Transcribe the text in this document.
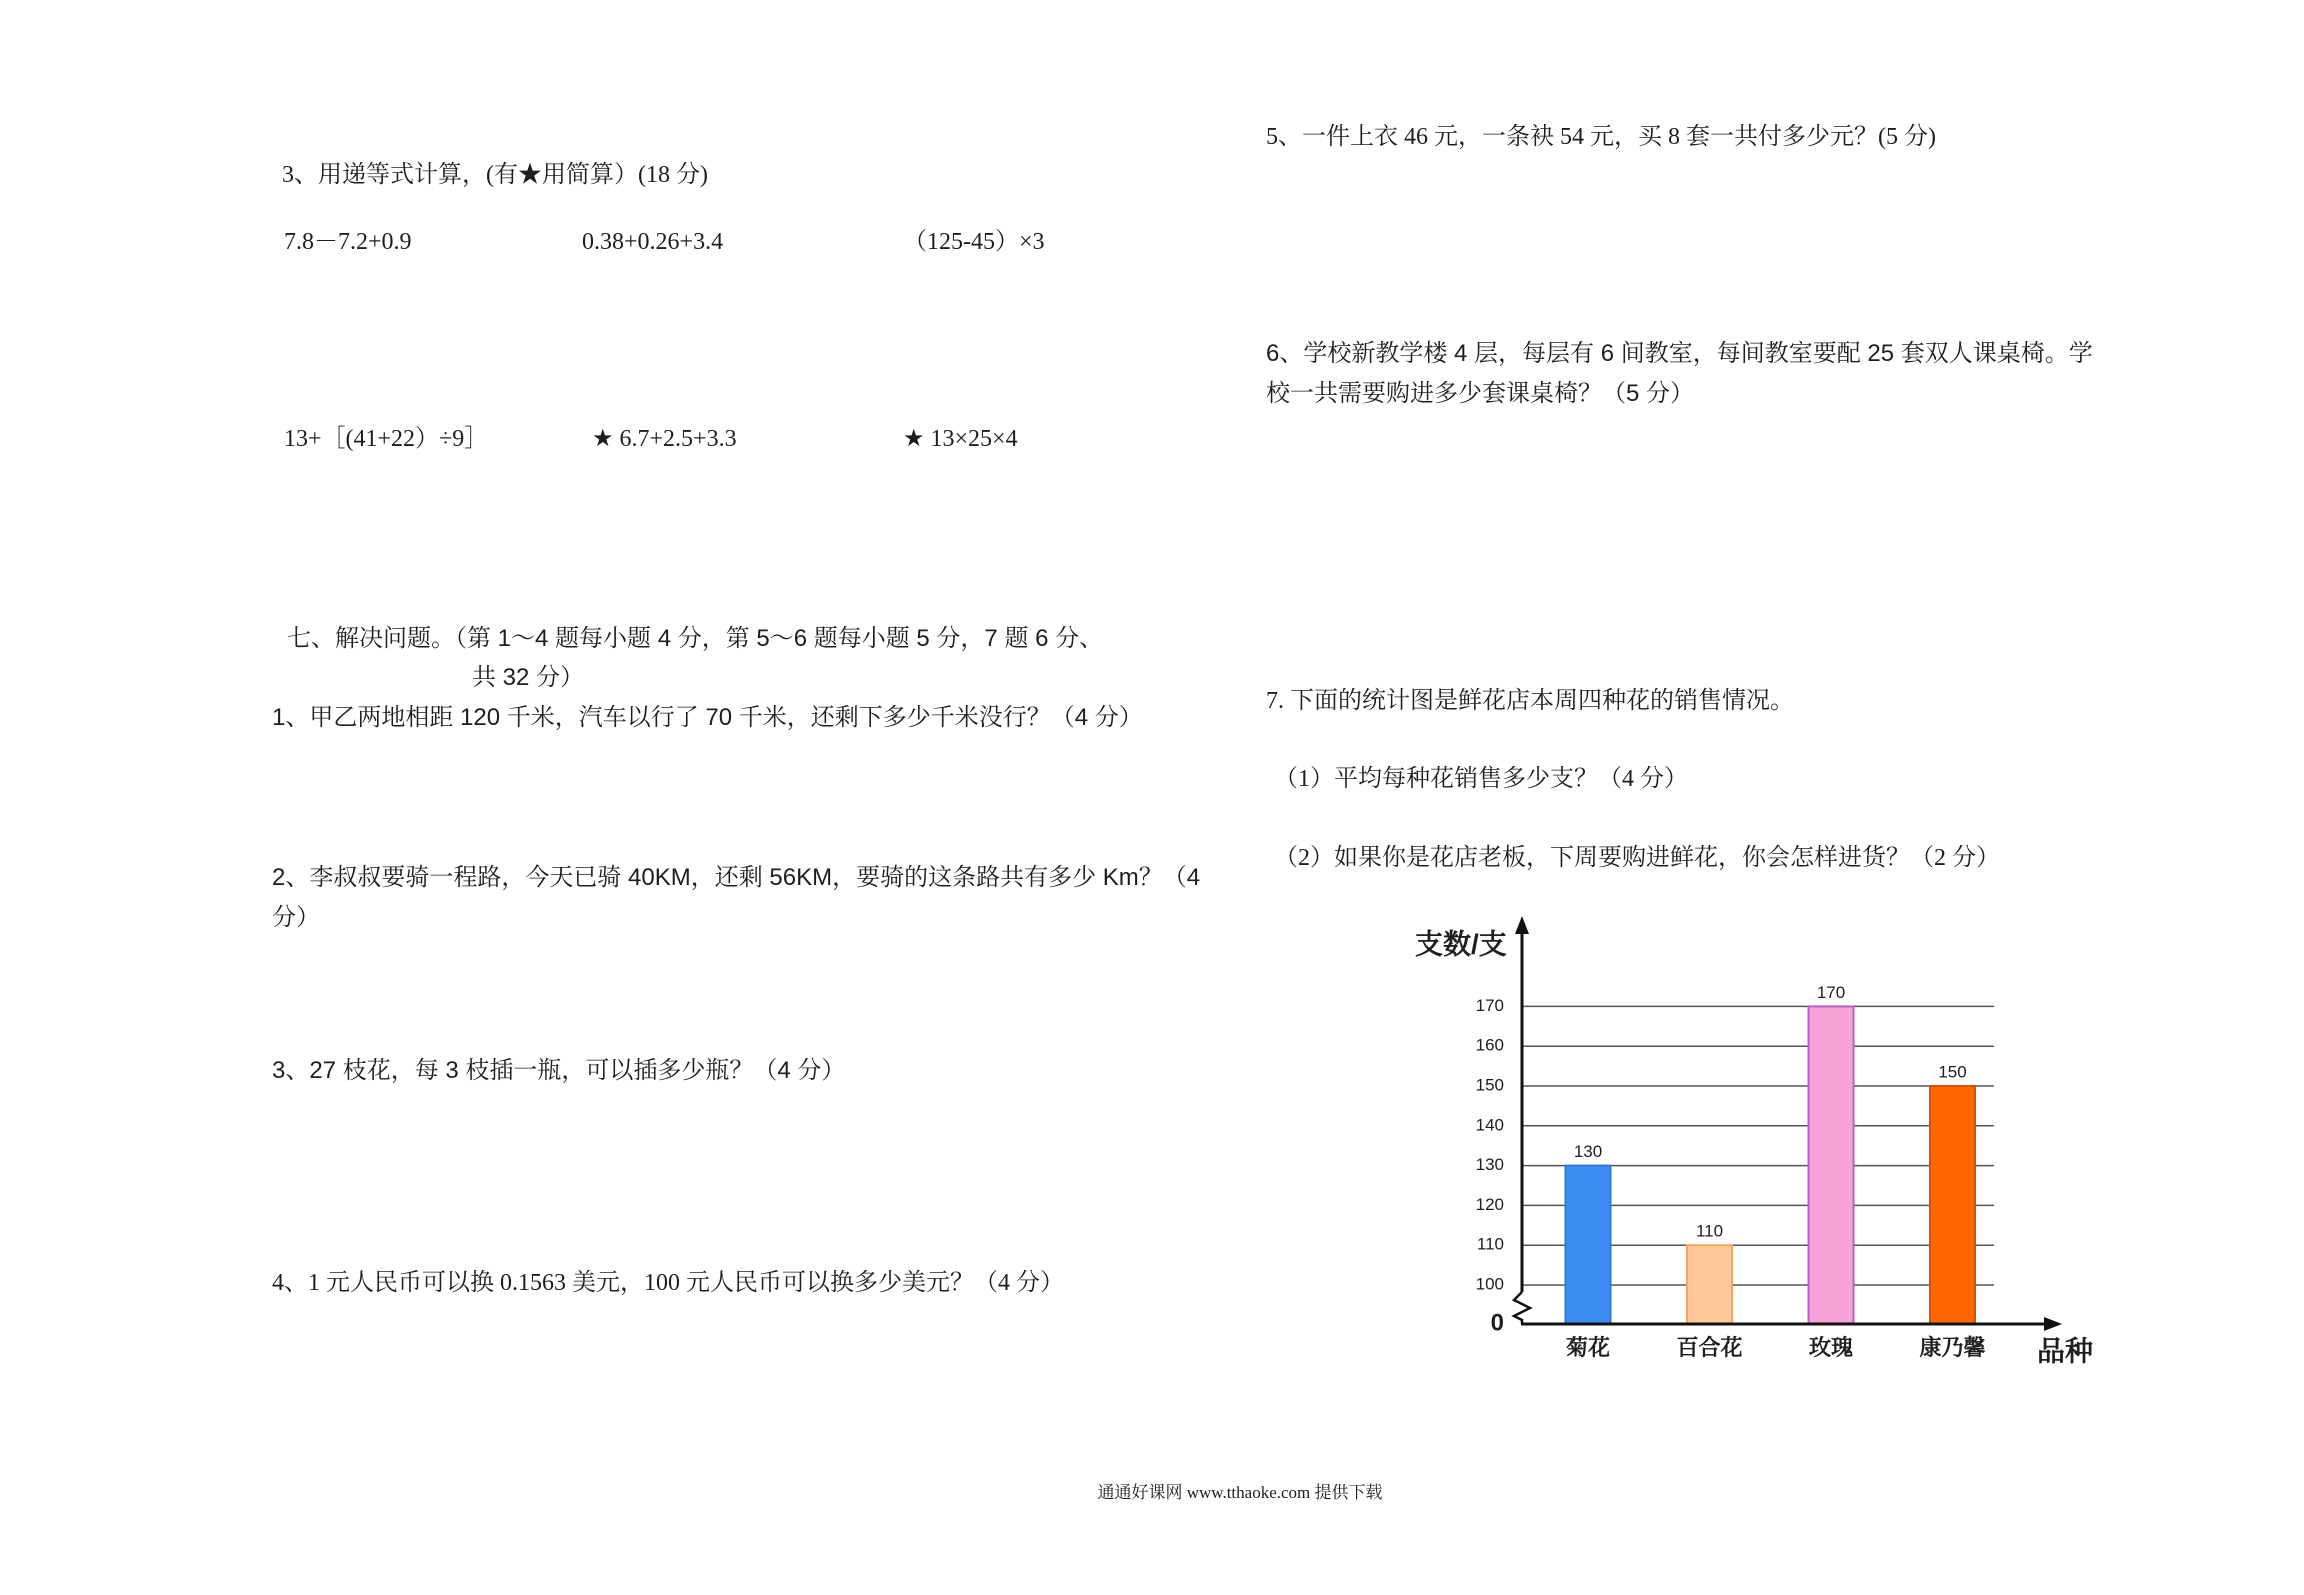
3、用递等式计算，(有★用简算）(18 分)
7.8－7.2+0.9	0.38+0.26+3.4	（125-45）×3
13+［(41+22）÷9］	★ 6.7+2.5+3.3	★ 13×25×4
七、解决问题。（第 1～4 题每小题 4 分，第 5～6 题每小题 5 分，7 题 6 分、
共 32 分）
1、甲乙两地相距 120 千米，汽车以行了 70 千米，还剩下多少千米没行？（4 分）
2、李叔叔要骑一程路，今天已骑 40KM，还剩 56KM，要骑的这条路共有多少 Km？（4
分）
3、27 枝花，每 3 枝插一瓶，可以插多少瓶？（4 分）
4、1 元人民币可以换 0.1563 美元，100 元人民币可以换多少美元？（4 分）
5、一件上衣 46 元，一条袂 54 元，买 8 套一共付多少元？(5 分)
6、学校新教学楼 4 层，每层有 6 间教室，每间教室要配 25 套双人课桌椅。学
校一共需要购进多少套课桌椅？（5 分）
7. 下面的统计图是鲜花店本周四种花的销售情况。
（1）平均每种花销售多少支？（4 分）
（2）如果你是花店老板，下周要购进鲜花，你会怎样进货？（2 分）
0
100
110
120
130
140
150
160
170
130
110
170
150
菊花	百合花	玫瑰	康乃馨
支数/支
品种
通通好课网 www.tthaoke.com 提供下载
